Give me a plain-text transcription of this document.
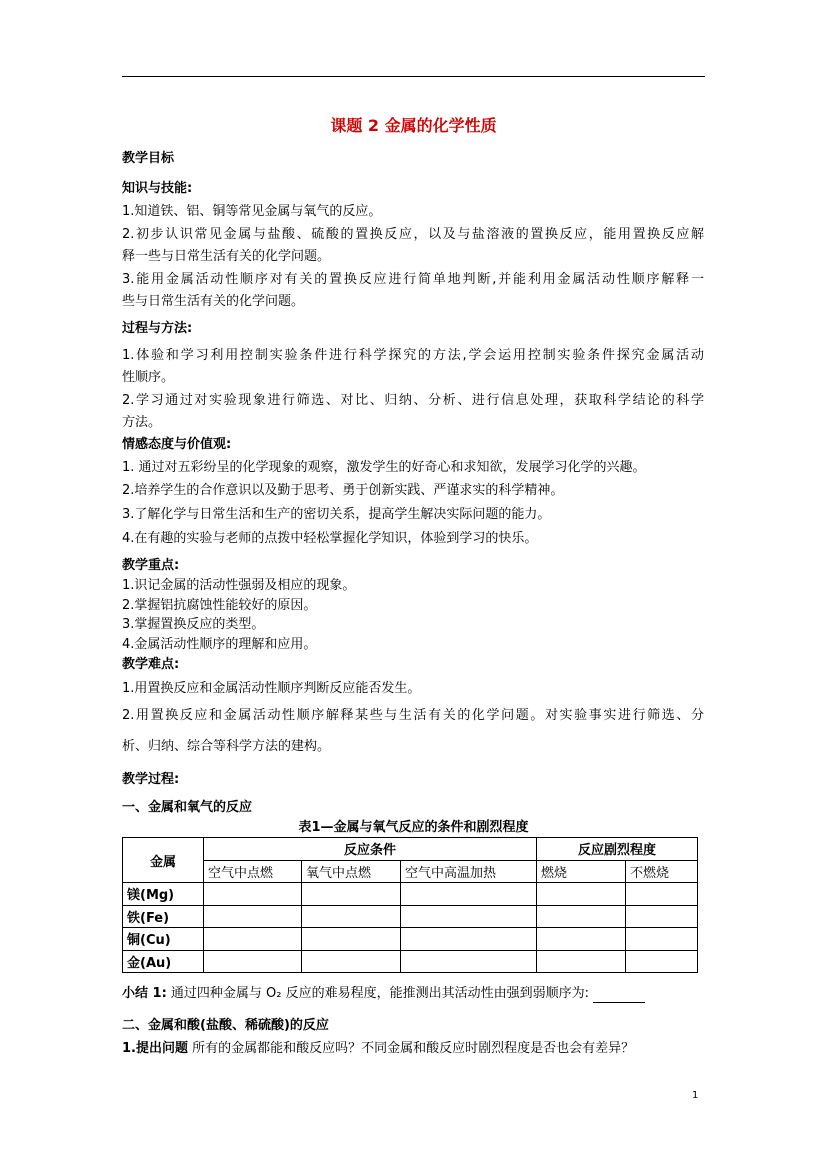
课题 2 金属的化学性质
教学目标
知识与技能:
1.知道铁、铝、铜等常见金属与氧气的反应。
2.初步认识常见金属与盐酸、硫酸的置换反应，以及与盐溶液的置换反应，能用置换反应解
释一些与日常生活有关的化学问题。
3.能用金属活动性顺序对有关的置换反应进行简单地判断,并能利用金属活动性顺序解释一
些与日常生活有关的化学问题。
过程与方法:
1.体验和学习利用控制实验条件进行科学探究的方法,学会运用控制实验条件探究金属活动
性顺序。
2.学习通过对实验现象进行筛选、对比、归纳、分析、进行信息处理，获取科学结论的科学
方法。
情感态度与价值观:
1. 通过对五彩纷呈的化学现象的观察，激发学生的好奇心和求知欲，发展学习化学的兴趣。
2.培养学生的合作意识以及勤于思考、勇于创新实践、严谨求实的科学精神。
3.了解化学与日常生活和生产的密切关系，提高学生解决实际问题的能力。
4.在有趣的实验与老师的点拨中轻松掌握化学知识，体验到学习的快乐。
教学重点:
1.识记金属的活动性强弱及相应的现象。
2.掌握铝抗腐蚀性能较好的原因。
3.掌握置换反应的类型。
4.金属活动性顺序的理解和应用。
教学难点:
1.用置换反应和金属活动性顺序判断反应能否发生。
2.用置换反应和金属活动性顺序解释某些与生活有关的化学问题。对实验事实进行筛选、分
析、归纳、综合等科学方法的建构。
教学过程:
一、金属和氧气的反应
表1—金属与氧气反应的条件和剧烈程度
金属	反应条件			反应剧烈程度	
	空气中点燃	氧气中点燃	空气中高温加热	燃烧	不燃烧
镁(Mg)					
铁(Fe)					
铜(Cu)					
金(Au)					
小结 1: 通过四种金属与 O₂ 反应的难易程度，能推测出其活动性由强到弱顺序为:
二、金属和酸(盐酸、稀硫酸)的反应
1.提出问题 所有的金属都能和酸反应吗？不同金属和酸反应时剧烈程度是否也会有差异？
1
